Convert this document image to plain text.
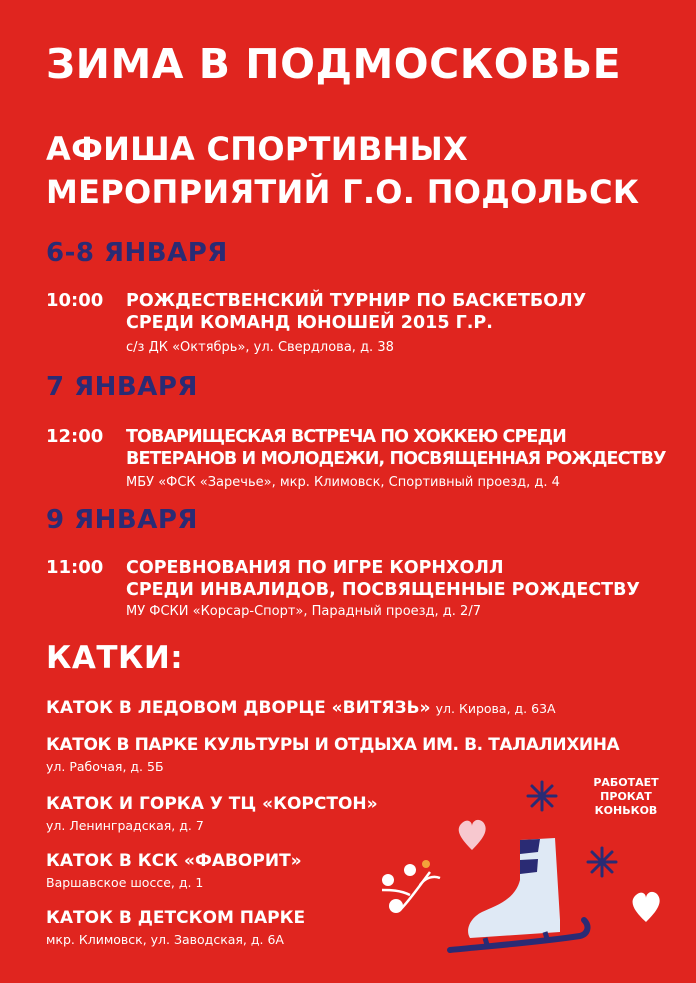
ЗИМА В ПОДМОСКОВЬЕ
АФИША СПОРТИВНЫХ
МЕРОПРИЯТИЙ Г.О. ПОДОЛЬСК
6-8 ЯНВАРЯ
10:00 РОЖДЕСТВЕНСКИЙ ТУРНИР ПО БАСКЕТБОЛУ
СРЕДИ КОМАНД ЮНОШЕЙ 2015 Г.Р.
с/з ДК «Октябрь», ул. Свердлова, д. 38
7 ЯНВАРЯ
12:00 ТОВАРИЩЕСКАЯ ВСТРЕЧА ПО ХОККЕЮ СРЕДИ
ВЕТЕРАНОВ И МОЛОДЕЖИ, ПОСВЯЩЕННАЯ РОЖДЕСТВУ
МБУ «ФСК «Заречье», мкр. Климовск, Спортивный проезд, д. 4
9 ЯНВАРЯ
11:00 СОРЕВНОВАНИЯ ПО ИГРЕ КОРНХОЛЛ
СРЕДИ ИНВАЛИДОВ, ПОСВЯЩЕННЫЕ РОЖДЕСТВУ
МУ ФСКИ «Корсар-Спорт», Парадный проезд, д. 2/7
КАТКИ:
КАТОК В ЛЕДОВОМ ДВОРЦЕ «ВИТЯЗЬ» ул. Кирова, д. 63А
КАТОК В ПАРКЕ КУЛЬТУРЫ И ОТДЫХА ИМ. В. ТАЛАЛИХИНА
ул. Рабочая, д. 5Б
КАТОК И ГОРКА У ТЦ «КОРСТОН»
ул. Ленинградская, д. 7
КАТОК В КСК «ФАВОРИТ»
Варшавское шоссе, д. 1
КАТОК В ДЕТСКОМ ПАРКЕ
мкр. Климовск, ул. Заводская, д. 6А
РАБОТАЕТ
ПРОКАТ
КОНЬКОВ
